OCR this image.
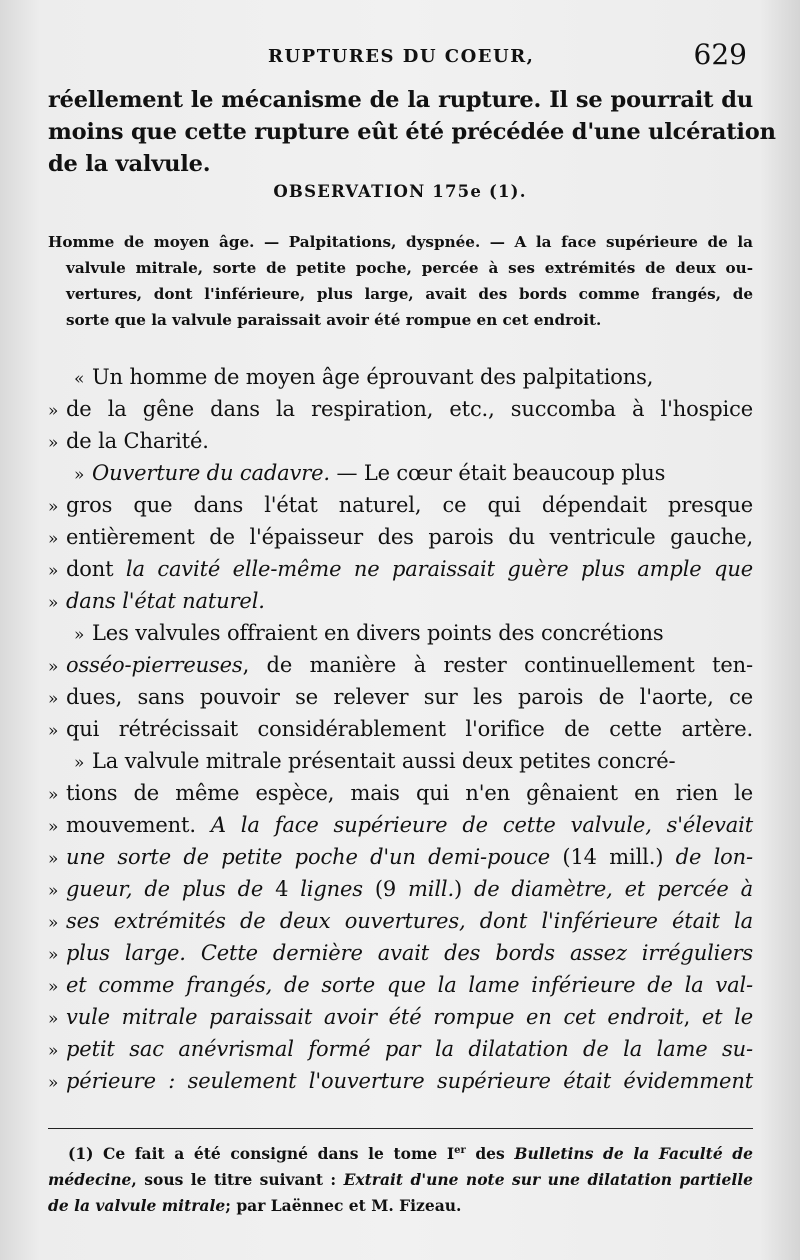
RUPTURES DU COEUR,	629
réellement le mécanisme de la rupture. Il se pourrait du
moins que cette rupture eût été précédée d'une ulcération
de la valvule.
OBSERVATION 175e (1).
Homme de moyen âge. — Palpitations, dyspnée. — A la face supérieure de la
valvule mitrale, sorte de petite poche, percée à ses extrémités de deux ou-
vertures, dont l'inférieure, plus large, avait des bords comme frangés, de
sorte que la valvule paraissait avoir été rompue en cet endroit.
« Un homme de moyen âge éprouvant des palpitations,
» de la gêne dans la respiration, etc., succomba à l'hospice
» de la Charité.
» Ouverture du cadavre. — Le cœur était beaucoup plus
» gros que dans l'état naturel, ce qui dépendait presque
» entièrement de l'épaisseur des parois du ventricule gauche,
» dont la cavité elle-même ne paraissait guère plus ample que
» dans l'état naturel.
» Les valvules offraient en divers points des concrétions
» osséo-pierreuses, de manière à rester continuellement ten-
» dues, sans pouvoir se relever sur les parois de l'aorte, ce
» qui rétrécissait considérablement l'orifice de cette artère.
» La valvule mitrale présentait aussi deux petites concré-
» tions de même espèce, mais qui n'en gênaient en rien le
» mouvement. A la face supérieure de cette valvule, s'élevait
» une sorte de petite poche d'un demi-pouce (14 mill.) de lon-
» gueur, de plus de 4 lignes (9 mill.) de diamètre, et percée à
» ses extrémités de deux ouvertures, dont l'inférieure était la
» plus large. Cette dernière avait des bords assez irréguliers
» et comme frangés, de sorte que la lame inférieure de la val-
» vule mitrale paraissait avoir été rompue en cet endroit, et le
» petit sac anévrismal formé par la dilatation de la lame su-
» périeure : seulement l'ouverture supérieure était évidemment
(1) Ce fait a été consigné dans le tome Ier des Bulletins de la Faculté de
médecine, sous le titre suivant : Extrait d'une note sur une dilatation partielle
de la valvule mitrale; par Laënnec et M. Fizeau.
